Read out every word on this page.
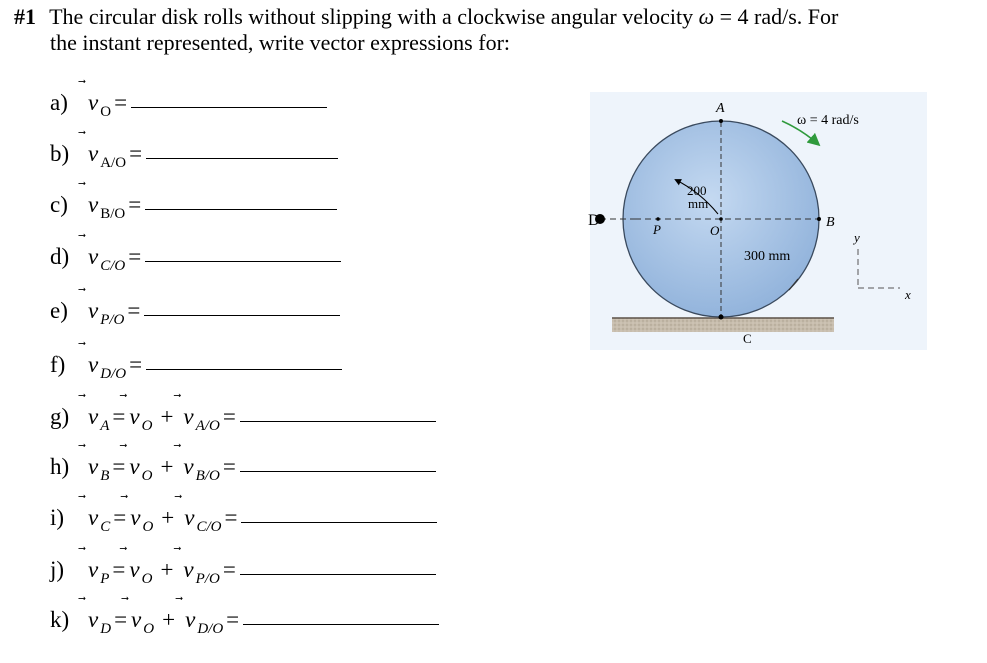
#1 The circular disk rolls without slipping with a clockwise angular velocity ω = 4 rad/s. For
the instant represented, write vector expressions for:
a) v O =
b) v A/O =
c) v B/O =
d) v C/O =
e) v P/O =
f) v D/O =
g) v A = v O + v A/O =
h) v B = v O + v B/O =
i)	v C = v O + v C/O =
j)	v P = v O + v P/O =
k) v D = v O + v D/O =
A
B
C
D
P	O
ω = 4 rad/s
200
mm
300 mm
y
x
